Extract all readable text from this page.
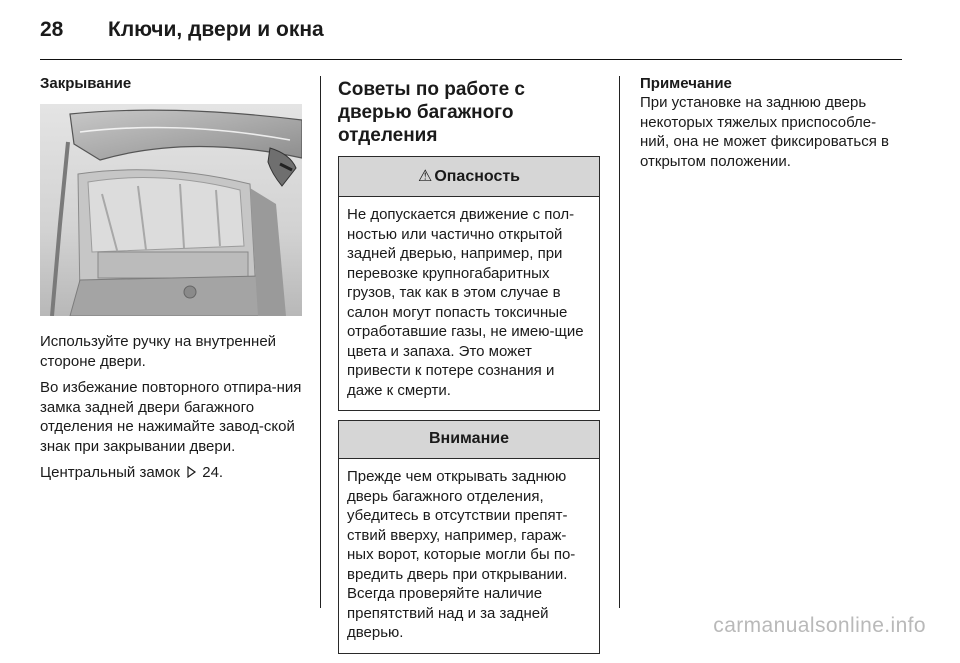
28 Ключи, двери и окна
Закрывание

Используйте ручку на внутренней стороне двери.

Во избежание повторного отпира-ния замка задней двери багажного отделения не нажимайте завод-ской знак при закрывании двери.

Центральный замок 24.

Советы по работе с дверью багажного отделения
⚠ Опасность

Не допускается движение с пол-ностью или частично открытой задней дверью, например, при перевозке крупногабаритных грузов, так как в этом случае в салон могут попасть токсичные отработавшие газы, не имею-щие цвета и запаха. Это может привести к потере сознания и даже к смерти.

Внимание

Прежде чем открывать заднюю дверь багажного отделения, убедитесь в отсутствии препят-ствий вверху, например, гараж-ных ворот, которые могли бы по-вредить дверь при открывании. Всегда проверяйте наличие препятствий над и за задней дверью.

Примечание
При установке на заднюю дверь некоторых тяжелых приспособле-ний, она не может фиксироваться в открытом положении.
carmanualsonline.info
